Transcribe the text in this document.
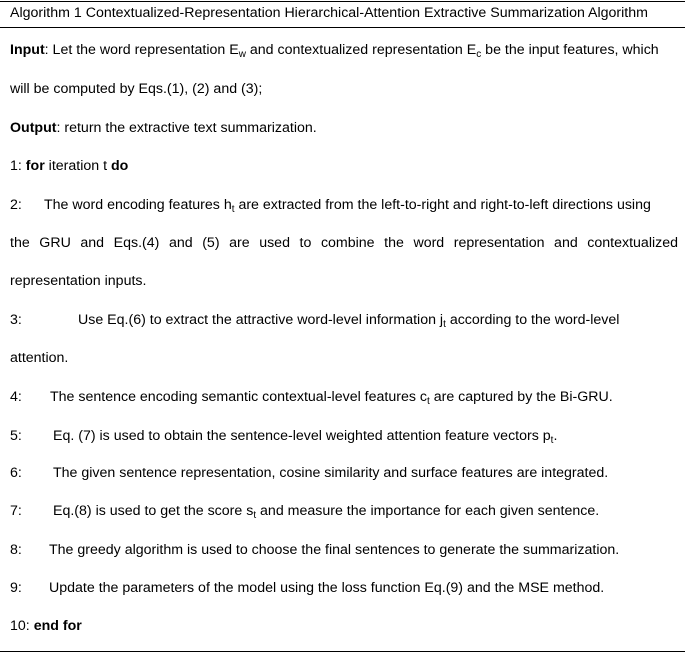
Algorithm 1 Contextualized-Representation Hierarchical-Attention Extractive Summarization Algorithm
Input: Let the word representation $E_w$ and contextualized representation $E_c$ be the input features, which
will be computed by Eqs.(1), (2) and (3);
Output: return the extractive text summarization.
1: for iteration t do
2: The word encoding features $h_t$ are extracted from the left-to-right and right-to-left directions using
the GRU and Eqs.(4) and (5) are used to combine the word representation and contextualized
representation inputs.
3:	Use Eq.(6) to extract the attractive word-level information $j_t$ according to the word-level
attention.
4: The sentence encoding semantic contextual-level features $c_t$ are captured by the Bi-GRU.
5: Eq. (7) is used to obtain the sentence-level weighted attention feature vectors $p_t$.
6: The given sentence representation, cosine similarity and surface features are integrated.
7: Eq.(8) is used to get the score $s_t$ and measure the importance for each given sentence.
8: The greedy algorithm is used to choose the final sentences to generate the summarization.
9: Update the parameters of the model using the loss function Eq.(9) and the MSE method.
10: end for
